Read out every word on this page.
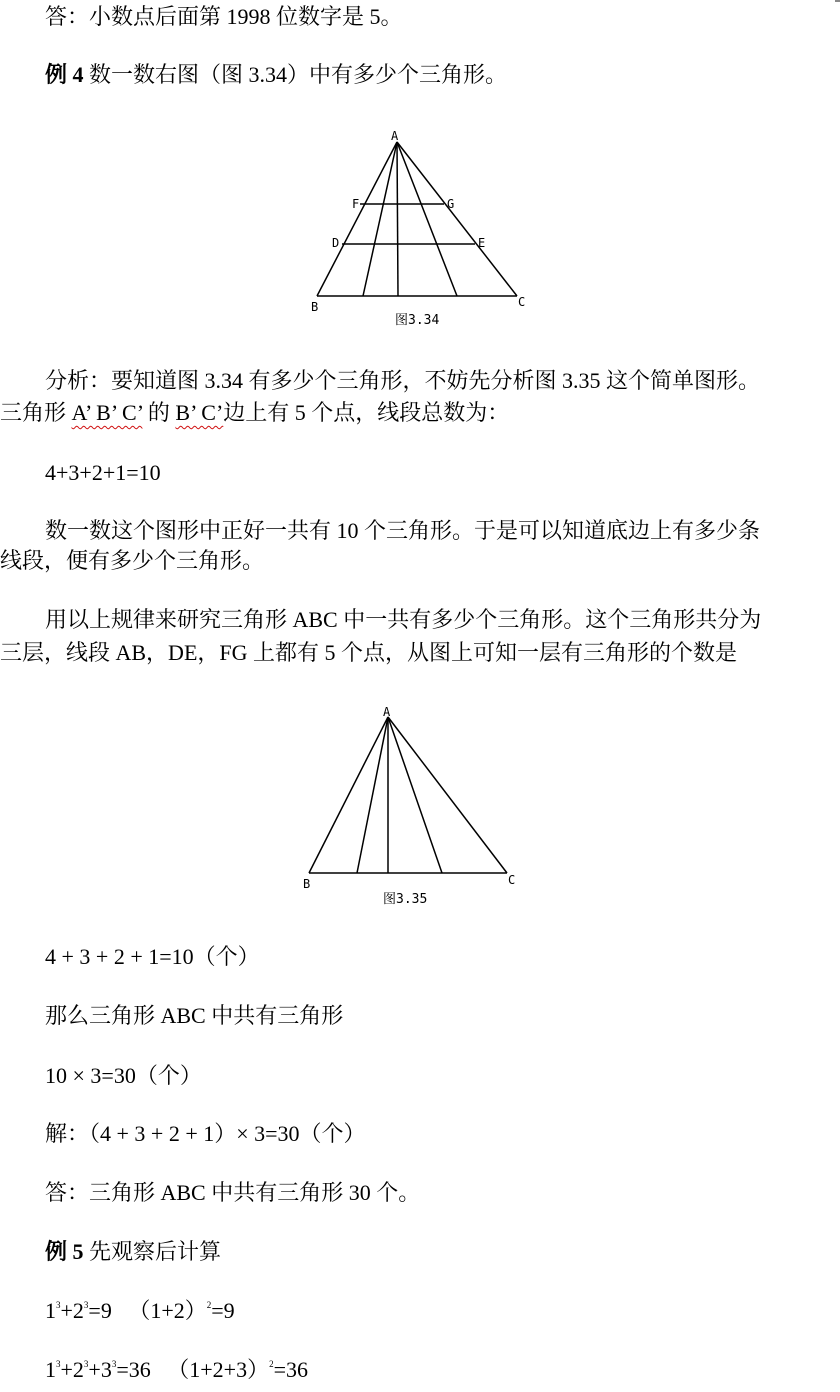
答：小数点后面第 1998 位数字是 5。
例 4 数一数右图（图 3.34）中有多少个三角形。
A
F	G
D	E
B	C
图3.34
分析：要知道图 3.34 有多少个三角形，不妨先分析图 3.35 这个简单图形。
三角形 A’ B’ C’ 的 B’ C’边上有 5 个点，线段总数为：
4+3+2+1=10
数一数这个图形中正好一共有 10 个三角形。于是可以知道底边上有多少条
线段，便有多少个三角形。
用以上规律来研究三角形 ABC 中一共有多少个三角形。这个三角形共分为
三层，线段 AB，DE，FG 上都有 5 个点，从图上可知一层有三角形的个数是
A
B	C
图3.35
4 + 3 + 2 + 1=10（个）
那么三角形 ABC 中共有三角形
10 × 3=30（个）
解：（4 + 3 + 2 + 1）× 3=30（个）
答：三角形 ABC 中共有三角形 30 个。
例 5 先观察后计算
$1^3+2^3=9$ $(1+2)^2=9$
$1^3+2^3+3^3=36$ $(1+2+3)^2=36$
